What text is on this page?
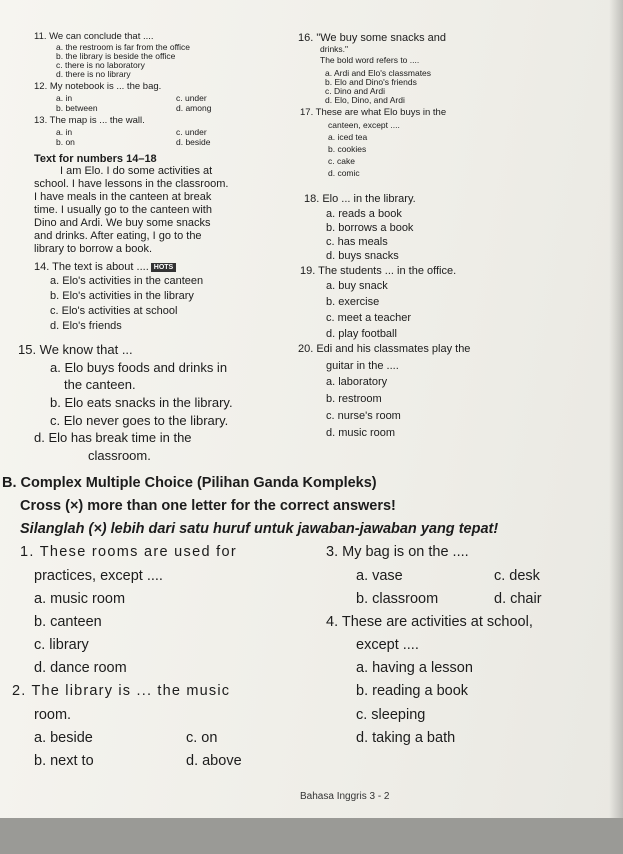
11. We can conclude that ....
a. the restroom is far from the office
b. the library is beside the office
c. there is no laboratory
d. there is no library
12. My notebook is ... the bag.
a. in	c. under
b. between	d. among
13. The map is ... the wall.
a. in	c. under
b. on	d. beside
Text for numbers 14–18
I am Elo. I do some activities at
school. I have lessons in the classroom.
I have meals in the canteen at break
time. I usually go to the canteen with
Dino and Ardi. We buy some snacks
and drinks. After eating, I go to the
library to borrow a book.
14. The text is about .... HOTS
a. Elo's activities in the canteen
b. Elo's activities in the library
c. Elo's activities at school
d. Elo's friends
15. We know that ...
a. Elo buys foods and drinks in
the canteen.
b. Elo eats snacks in the library.
c. Elo never goes to the library.
d. Elo has break time in the
classroom.
16. "We buy some snacks and
drinks."
The bold word refers to ....
a. Ardi and Elo's classmates
b. Elo and Dino's friends
c. Dino and Ardi
d. Elo, Dino, and Ardi
17. These are what Elo buys in the
canteen, except ....
a. iced tea
b. cookies
c. cake
d. comic
18. Elo ... in the library.
a. reads a book
b. borrows a book
c. has meals
d. buys snacks
19. The students ... in the office.
a. buy snack
b. exercise
c. meet a teacher
d. play football
20. Edi and his classmates play the
guitar in the ....
a. laboratory
b. restroom
c. nurse's room
d. music room
B. Complex Multiple Choice (Pilihan Ganda Kompleks)
Cross (×) more than one letter for the correct answers!
Silanglah (×) lebih dari satu huruf untuk jawaban-jawaban yang tepat!
1. These rooms are used for
practices, except ....
a. music room
b. canteen
c. library
d. dance room
2. The library is ... the music
room.
a. beside	c. on
b. next to	d. above
3. My bag is on the ....
a. vase	c. desk
b. classroom	d. chair
4. These are activities at school,
except ....
a. having a lesson
b. reading a book
c. sleeping
d. taking a bath
Bahasa Inggris 3 - 2
